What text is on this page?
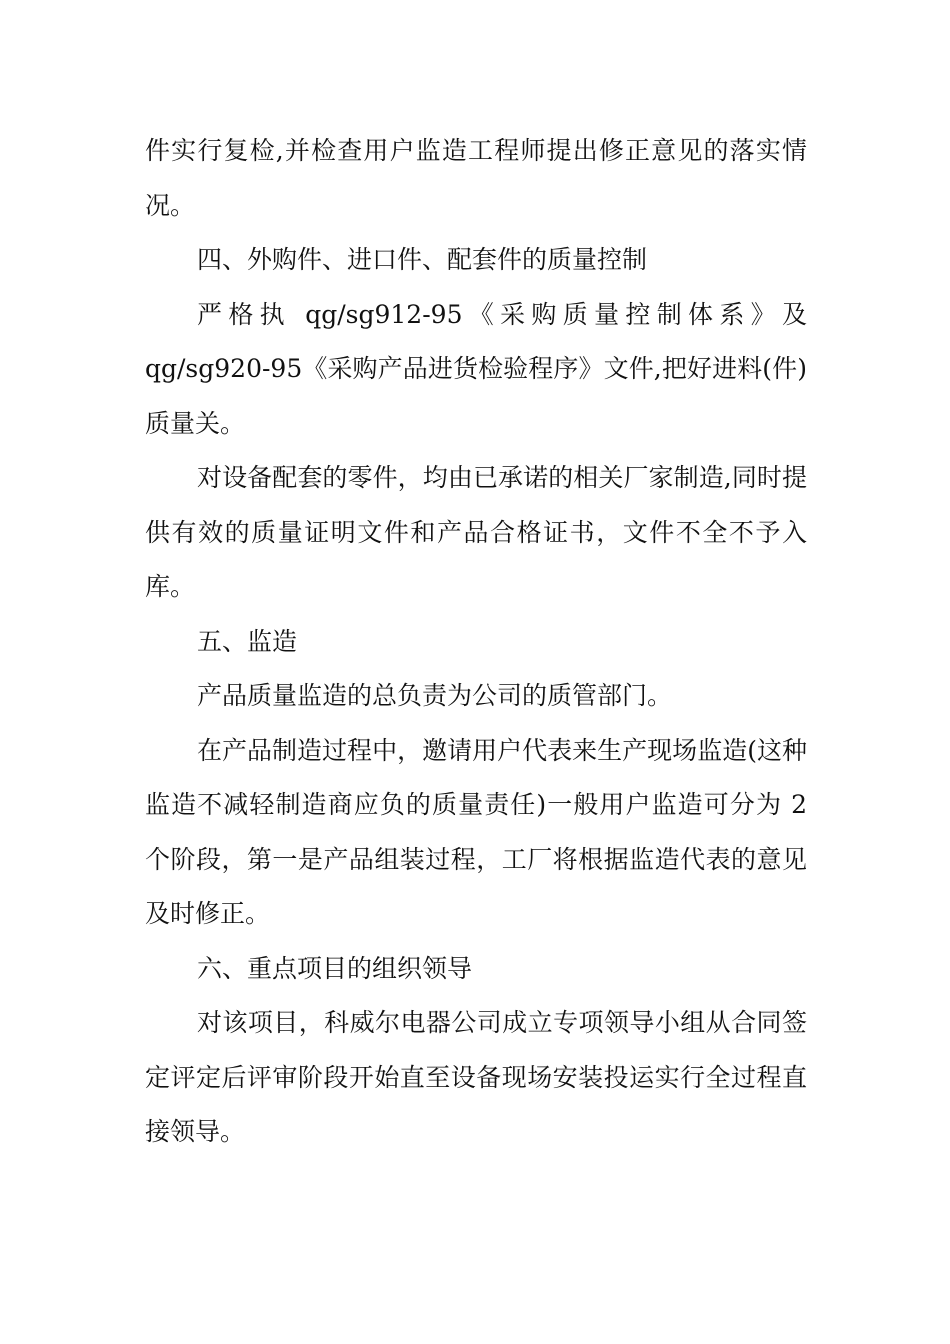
件实行复检,并检查用户监造工程师提出修正意见的落实情况。

四、外购件、进口件、配套件的质量控制

严格执 qg/sg912-95《采购质量控制体系》及 qg/sg920-95《采购产品进货检验程序》文件,把好进料(件)质量关。

对设备配套的零件，均由已承诺的相关厂家制造,同时提供有效的质量证明文件和产品合格证书，文件不全不予入库。

五、监造

产品质量监造的总负责为公司的质管部门。

在产品制造过程中，邀请用户代表来生产现场监造(这种监造不减轻制造商应负的质量责任)一般用户监造可分为 2 个阶段，第一是产品组装过程，工厂将根据监造代表的意见及时修正。

六、重点项目的组织领导

对该项目，科威尔电器公司成立专项领导小组从合同签定评定后评审阶段开始直至设备现场安装投运实行全过程直接领导。
